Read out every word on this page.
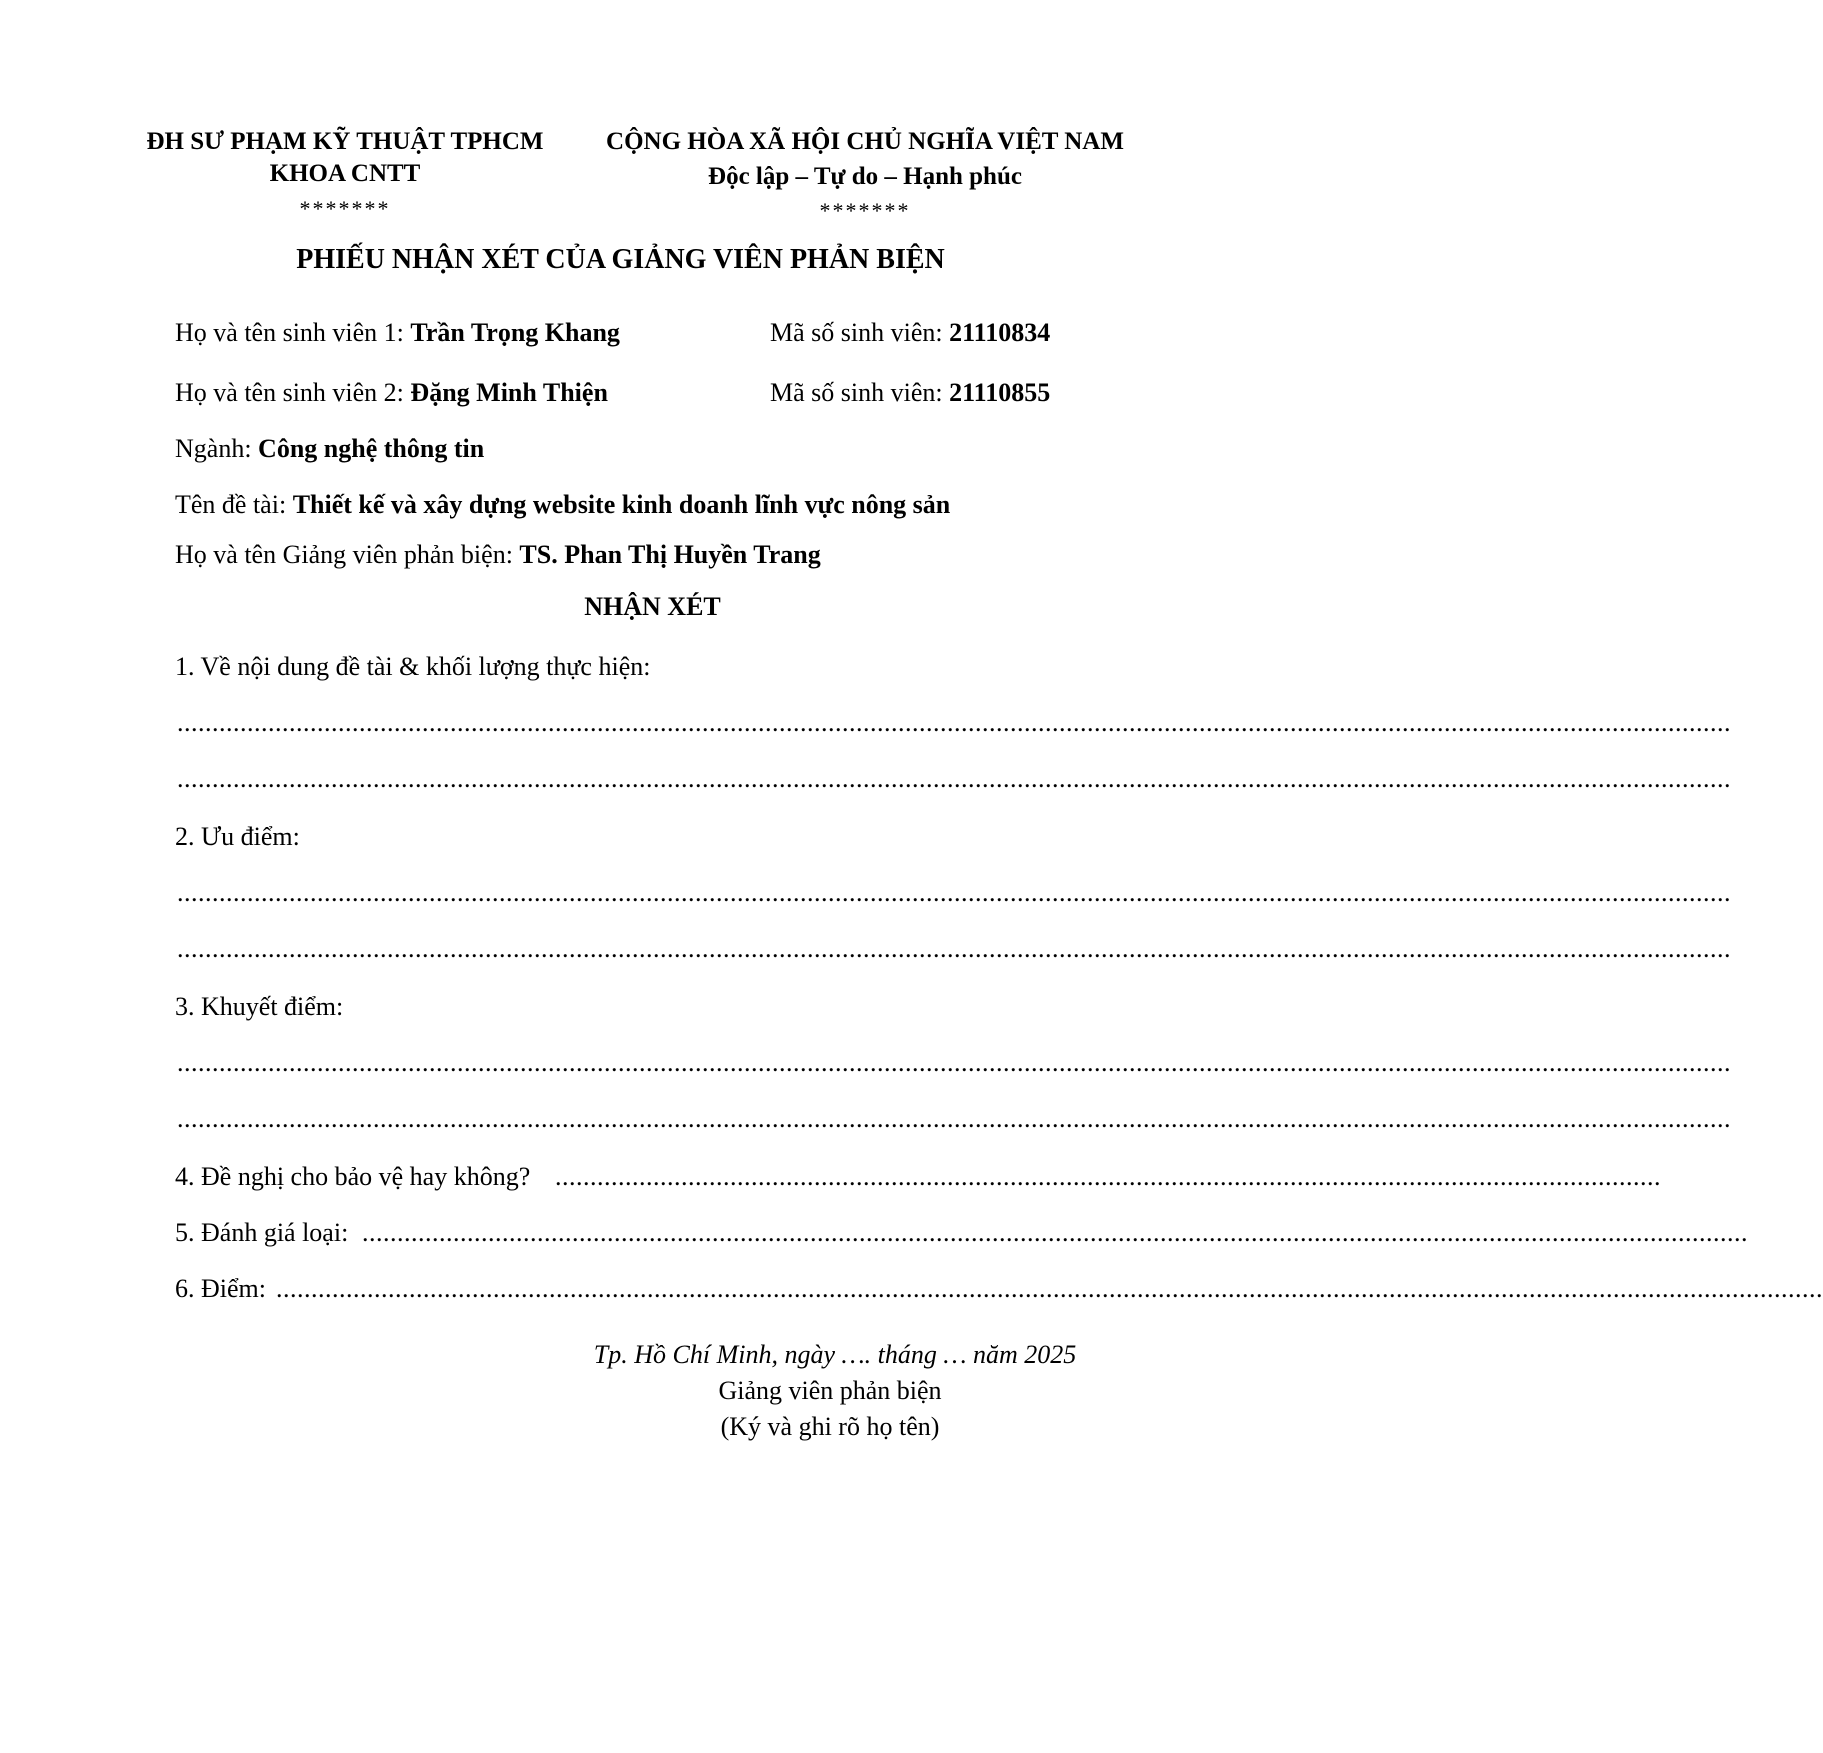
ĐH SƯ PHẠM KỸ THUẬT TPHCM
KHOA CNTT
*******
CỘNG HÒA XÃ HỘI CHỦ NGHĨA VIỆT NAM
Độc lập – Tự do – Hạnh phúc
*******
PHIẾU NHẬN XÉT CỦA GIẢNG VIÊN PHẢN BIỆN
Họ và tên sinh viên 1: Trần Trọng Khang	Mã số sinh viên: 21110834
Họ và tên sinh viên 2: Đặng Minh Thiện	Mã số sinh viên: 21110855
Ngành: Công nghệ thông tin
Tên đề tài: Thiết kế và xây dựng website kinh doanh lĩnh vực nông sản
Họ và tên Giảng viên phản biện: TS. Phan Thị Huyền Trang
NHẬN XÉT
1. Về nội dung đề tài & khối lượng thực hiện:
..............................................................................................................................................................................................................................
..............................................................................................................................................................................................................................
2. Ưu điểm:
..............................................................................................................................................................................................................................
..............................................................................................................................................................................................................................
3. Khuyết điểm:
..............................................................................................................................................................................................................................
..............................................................................................................................................................................................................................
4. Đề nghị cho bảo vệ hay không? ..............................................................................................................................................................
5. Đánh giá loại: ......................................................................................................................................................................................................
6. Điểm: .............................................................................................................................................................................................................................
Tp. Hồ Chí Minh, ngày …. tháng … năm 2025
Giảng viên phản biện
(Ký và ghi rõ họ tên)
